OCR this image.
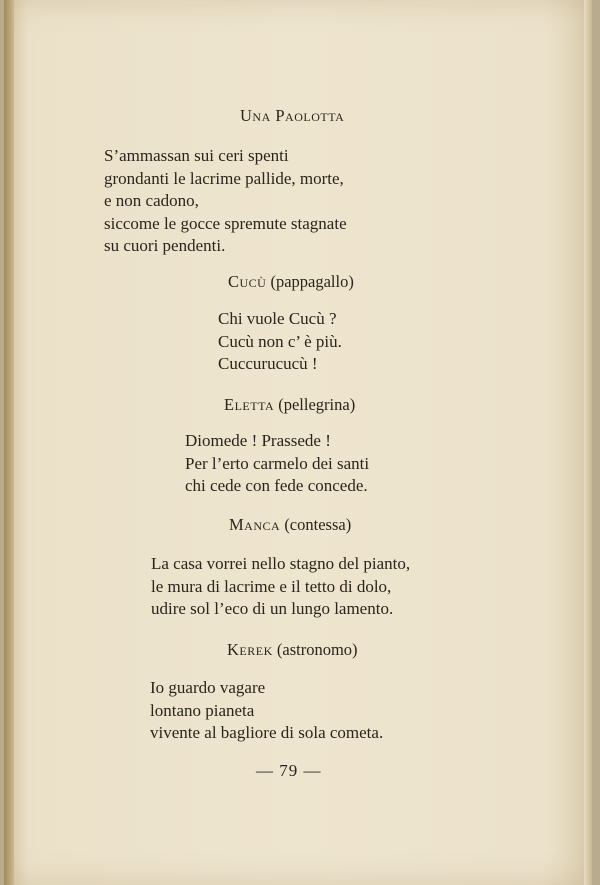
Una Paolotta
S’ammassan sui ceri spenti
grondanti le lacrime pallide, morte,
e non cadono,
siccome le gocce spremute stagnate
su cuori pendenti.
Cucù (pappagallo)
Chi vuole Cucù ?
Cucù non c’ è più.
Cuccurucucù !
Eletta (pellegrina)
Diomede ! Prassede !
Per l’erto carmelo dei santi
chi cede con fede concede.
Manca (contessa)
La casa vorrei nello stagno del pianto,
le mura di lacrime e il tetto di dolo,
udire sol l’eco di un lungo lamento.
Kerek (astronomo)
Io guardo vagare
lontano pianeta
vivente al bagliore di sola cometa.
— 79 —
